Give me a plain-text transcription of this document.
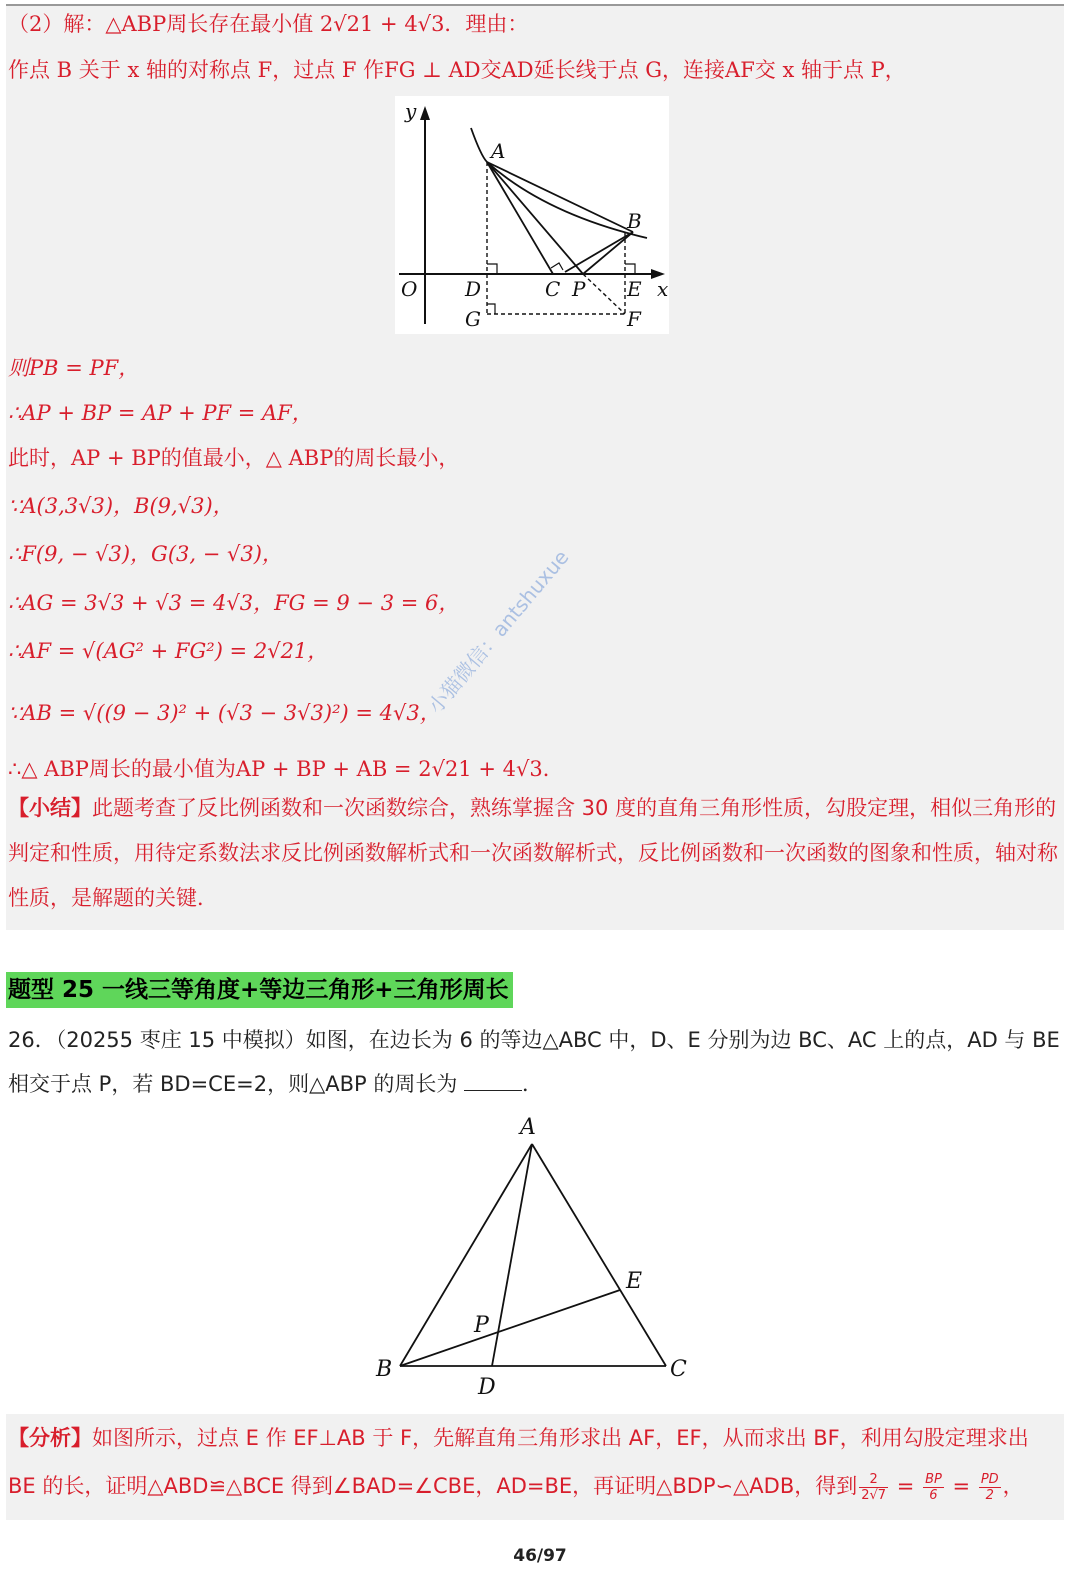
（2）解：△ABP周长存在最小值 2√21 + 4√3．理由：
作点 B 关于 x 轴的对称点 F，过点 F 作FG ⊥ AD交AD延长线于点 G，连接AF交 x 轴于点 P，
y
x
O
A
B
C P
D	E
F
G
则PB = PF，
∴AP + BP = AP + PF = AF，
此时，AP + BP的值最小，△ ABP的周长最小，
∵A(3,3√3)，B(9,√3)，
∴F(9, − √3)，G(3, − √3)，
∴AG = 3√3 + √3 = 4√3，FG = 9 − 3 = 6，
∴AF = √(AG² + FG²) = 2√21，
∵AB = √((9 − 3)² + (√3 − 3√3)²) = 4√3，
∴△ ABP周长的最小值为AP + BP + AB = 2√21 + 4√3．
【小结】此题考查了反比例函数和一次函数综合，熟练掌握含 30 度的直角三角形性质，勾股定理，相似三角形的判定和性质，用待定系数法求反比例函数解析式和一次函数解析式，反比例函数和一次函数的图象和性质，轴对称性质，是解题的关键．
小猫微信：antshuxue
题型 25 一线三等角度+等边三角形+三角形周长
26．（20255 枣庄 15 中模拟）如图，在边长为 6 的等边△ABC 中，D、E 分别为边 BC、AC 上的点，AD 与 BE 相交于点 P，若 BD=CE=2，则△ABP 的周长为	．
A
B	C
D
E
P
【分析】如图所示，过点 E 作 EF⊥AB 于 F，先解直角三角形求出 AF，EF，从而求出 BF，利用勾股定理求出 BE 的长，证明△ABD≌△BCE 得到∠BAD=∠CBE，AD=BE，再证明△BDP∽△ADB，得到 $\frac{2}{2√7} = \frac{BP}{6} = \frac{PD}{2}$ ，
46/97
